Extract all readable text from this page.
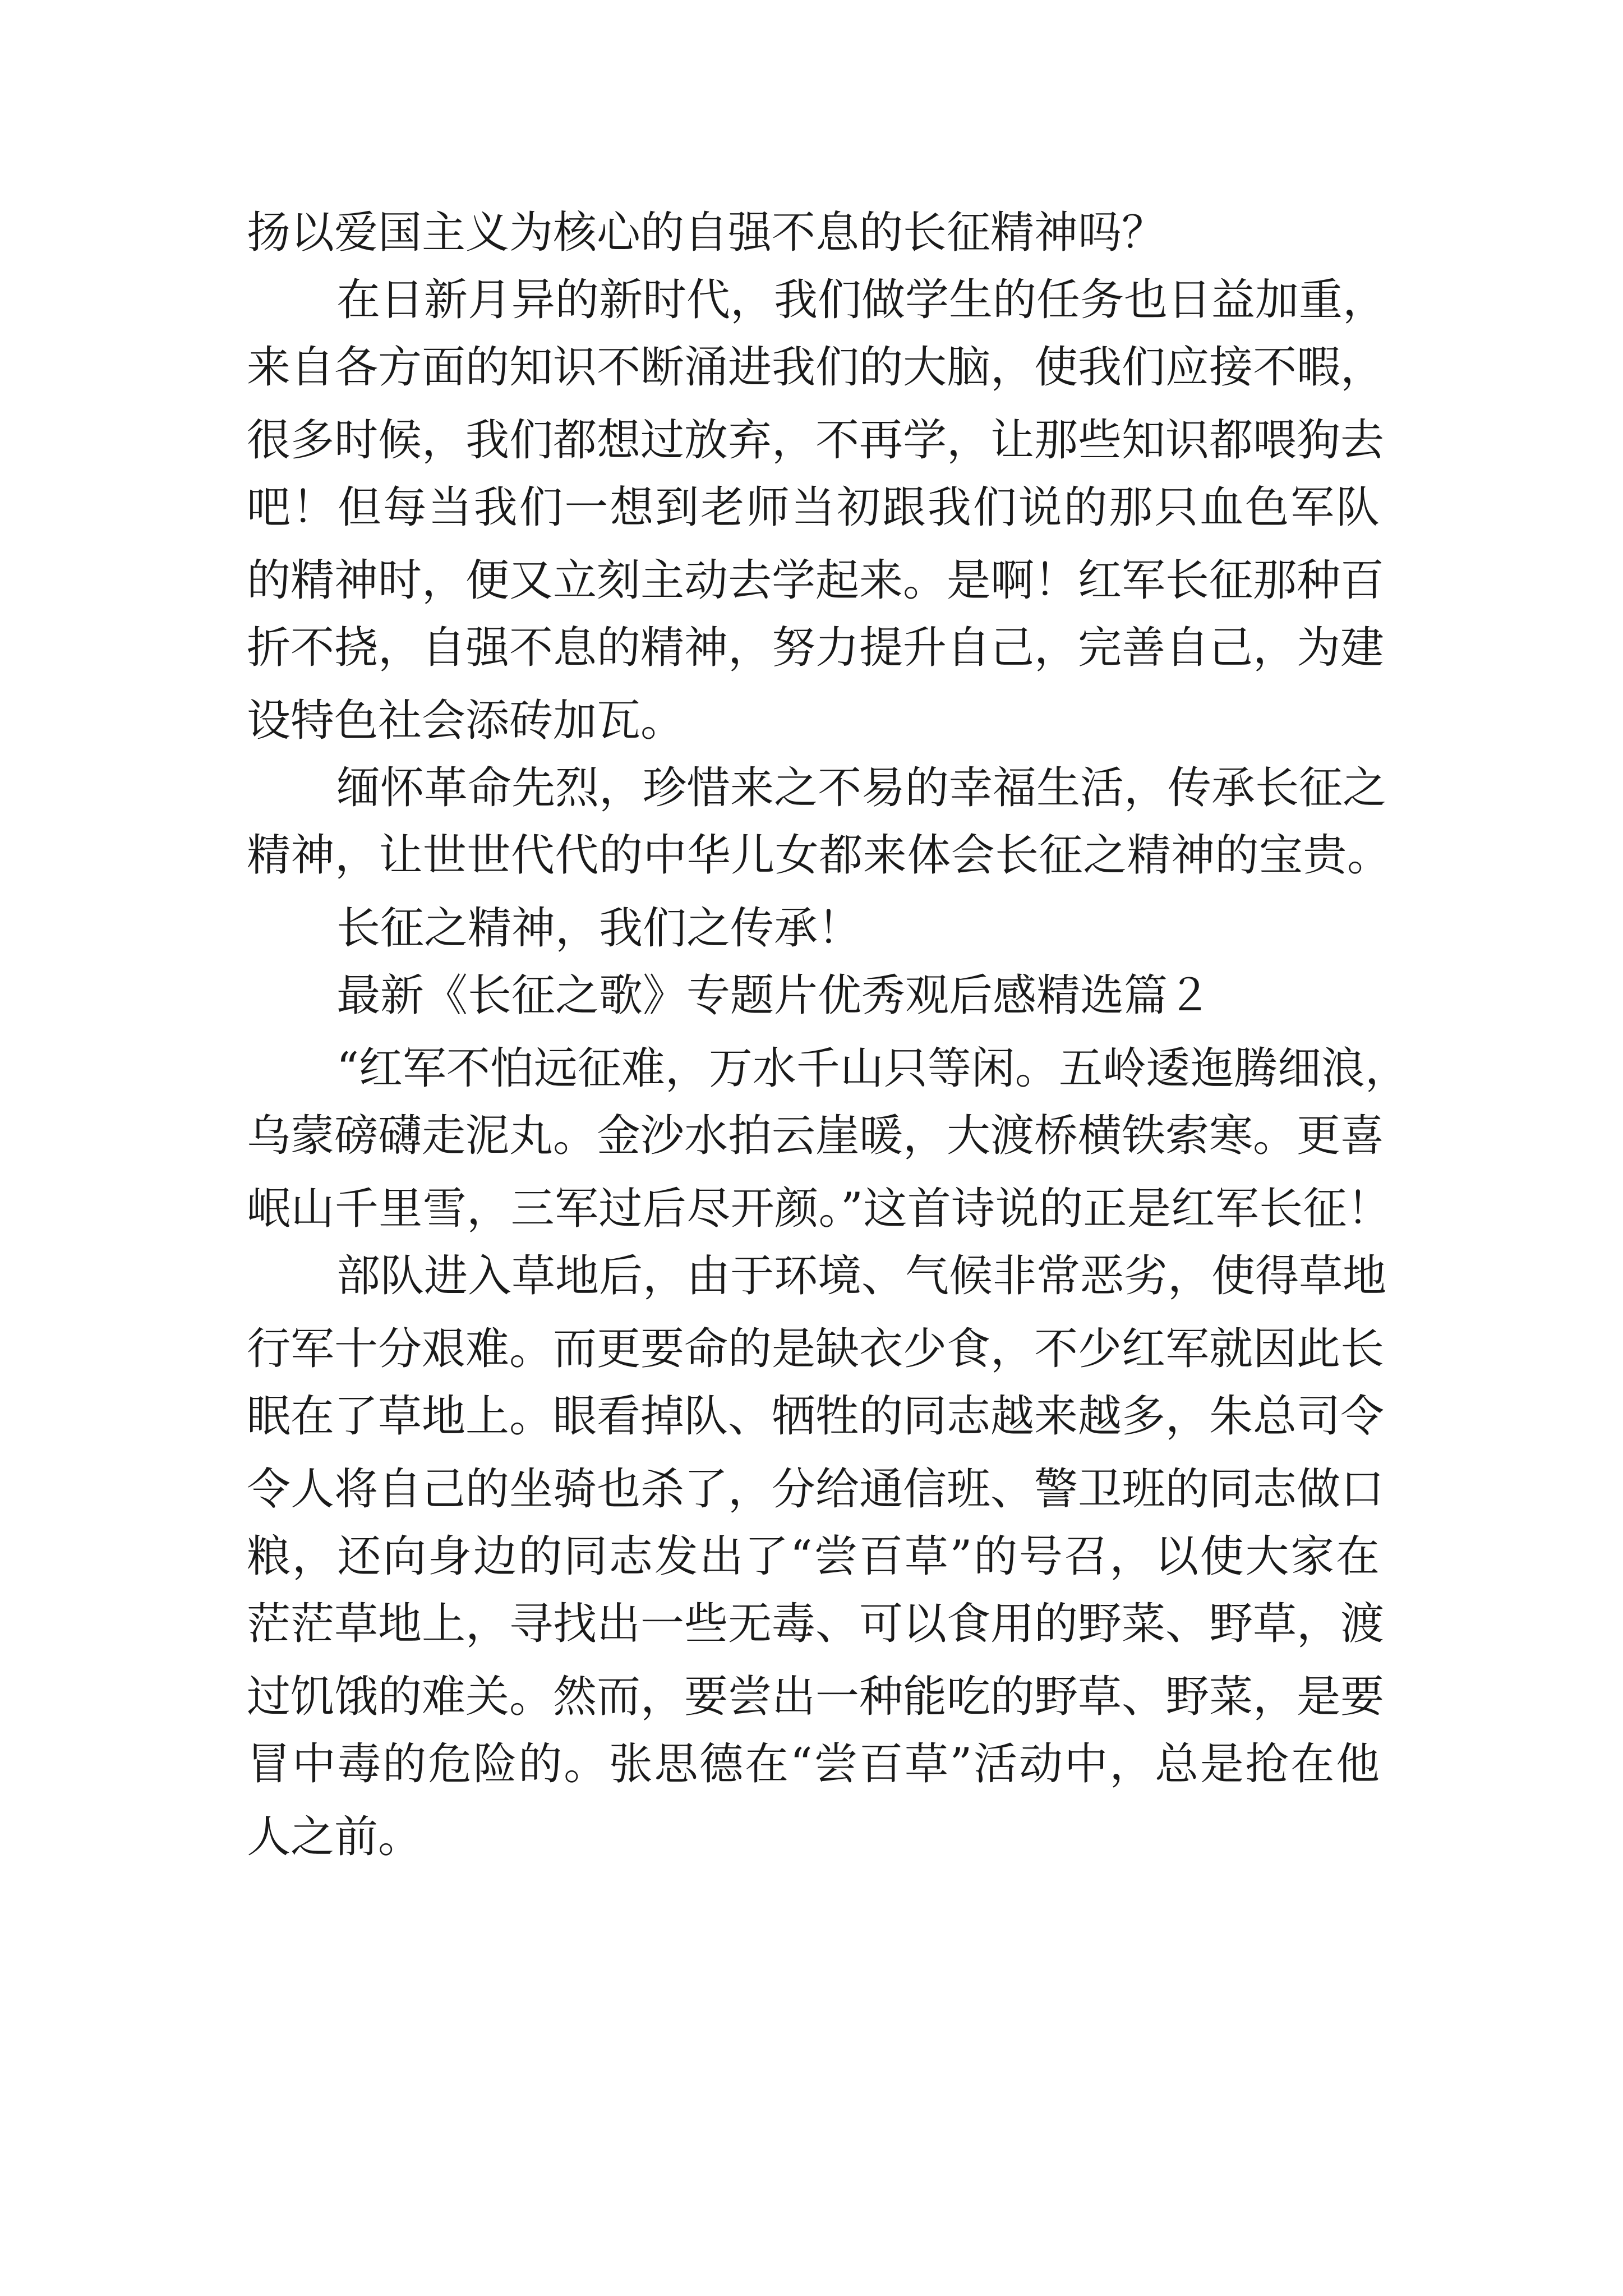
扬以爱国主义为核心的自强不息的长征精神吗？
在日新月异的新时代，我们做学生的任务也日益加重，
来自各方面的知识不断涌进我们的大脑，使我们应接不暇，
很多时候，我们都想过放弃，不再学，让那些知识都喂狗去
吧！但每当我们一想到老师当初跟我们说的那只血色军队
的精神时，便又立刻主动去学起来。是啊！红军长征那种百
折不挠，自强不息的精神，努力提升自己，完善自己，为建
设特色社会添砖加瓦。
缅怀革命先烈，珍惜来之不易的幸福生活，传承长征之
精神，让世世代代的中华儿女都来体会长征之精神的宝贵。
长征之精神，我们之传承！
最新《长征之歌》专题片优秀观后感精选篇２
“红军不怕远征难，万水千山只等闲。五岭逶迤腾细浪，
乌蒙磅礴走泥丸。金沙水拍云崖暖，大渡桥横铁索寒。更喜
岷山千里雪，三军过后尽开颜。”这首诗说的正是红军长征！
部队进入草地后，由于环境、气候非常恶劣，使得草地
行军十分艰难。而更要命的是缺衣少食，不少红军就因此长
眠在了草地上。眼看掉队、牺牲的同志越来越多，朱总司令
令人将自己的坐骑也杀了，分给通信班、警卫班的同志做口
粮，还向身边的同志发出了“尝百草”的号召，以使大家在
茫茫草地上，寻找出一些无毒、可以食用的野菜、野草，渡
过饥饿的难关。然而，要尝出一种能吃的野草、野菜，是要
冒中毒的危险的。张思德在“尝百草”活动中，总是抢在他
人之前。
